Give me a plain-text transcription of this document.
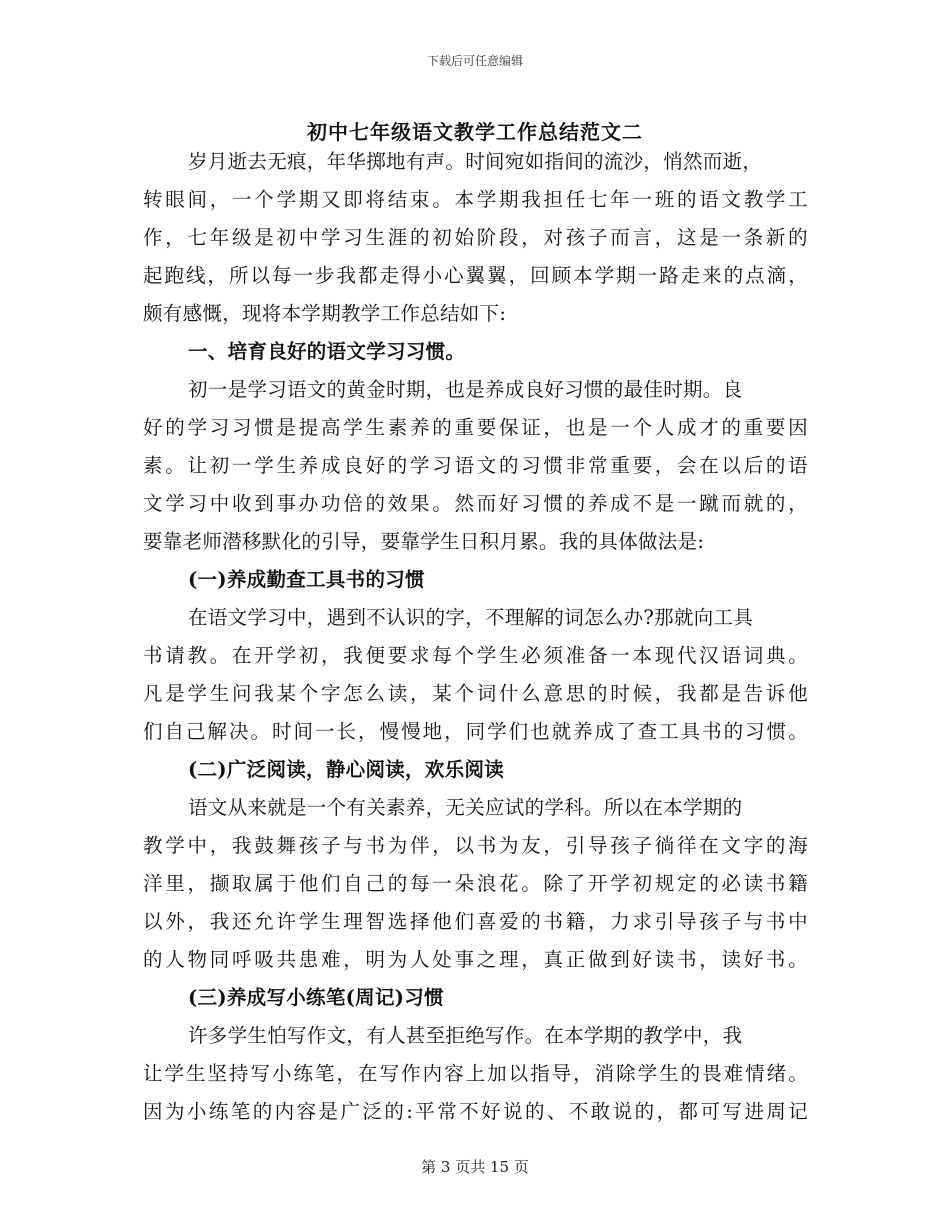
下载后可任意编辑
初中七年级语文教学工作总结范文二
岁月逝去无痕，年华掷地有声。时间宛如指间的流沙，悄然而逝，
转眼间，一个学期又即将结束。本学期我担任七年一班的语文教学工
作，七年级是初中学习生涯的初始阶段，对孩子而言，这是一条新的
起跑线，所以每一步我都走得小心翼翼，回顾本学期一路走来的点滴，
颇有感慨，现将本学期教学工作总结如下:
一、培育良好的语文学习习惯。
初一是学习语文的黄金时期，也是养成良好习惯的最佳时期。良
好的学习习惯是提高学生素养的重要保证，也是一个人成才的重要因
素。让初一学生养成良好的学习语文的习惯非常重要，会在以后的语
文学习中收到事办功倍的效果。然而好习惯的养成不是一蹴而就的，
要靠老师潜移默化的引导，要靠学生日积月累。我的具体做法是:
(一)养成勤查工具书的习惯
在语文学习中，遇到不认识的字，不理解的词怎么办?那就向工具
书请教。在开学初，我便要求每个学生必须准备一本现代汉语词典。
凡是学生问我某个字怎么读，某个词什么意思的时候，我都是告诉他
们自己解决。时间一长，慢慢地，同学们也就养成了查工具书的习惯。
(二)广泛阅读，静心阅读，欢乐阅读
语文从来就是一个有关素养，无关应试的学科。所以在本学期的
教学中，我鼓舞孩子与书为伴，以书为友，引导孩子徜徉在文字的海
洋里，撷取属于他们自己的每一朵浪花。除了开学初规定的必读书籍
以外，我还允许学生理智选择他们喜爱的书籍，力求引导孩子与书中
的人物同呼吸共患难，明为人处事之理，真正做到好读书，读好书。
(三)养成写小练笔(周记)习惯
许多学生怕写作文，有人甚至拒绝写作。在本学期的教学中，我
让学生坚持写小练笔，在写作内容上加以指导，消除学生的畏难情绪。
因为小练笔的内容是广泛的:平常不好说的、不敢说的，都可写进周记
第 3 页共 15 页
